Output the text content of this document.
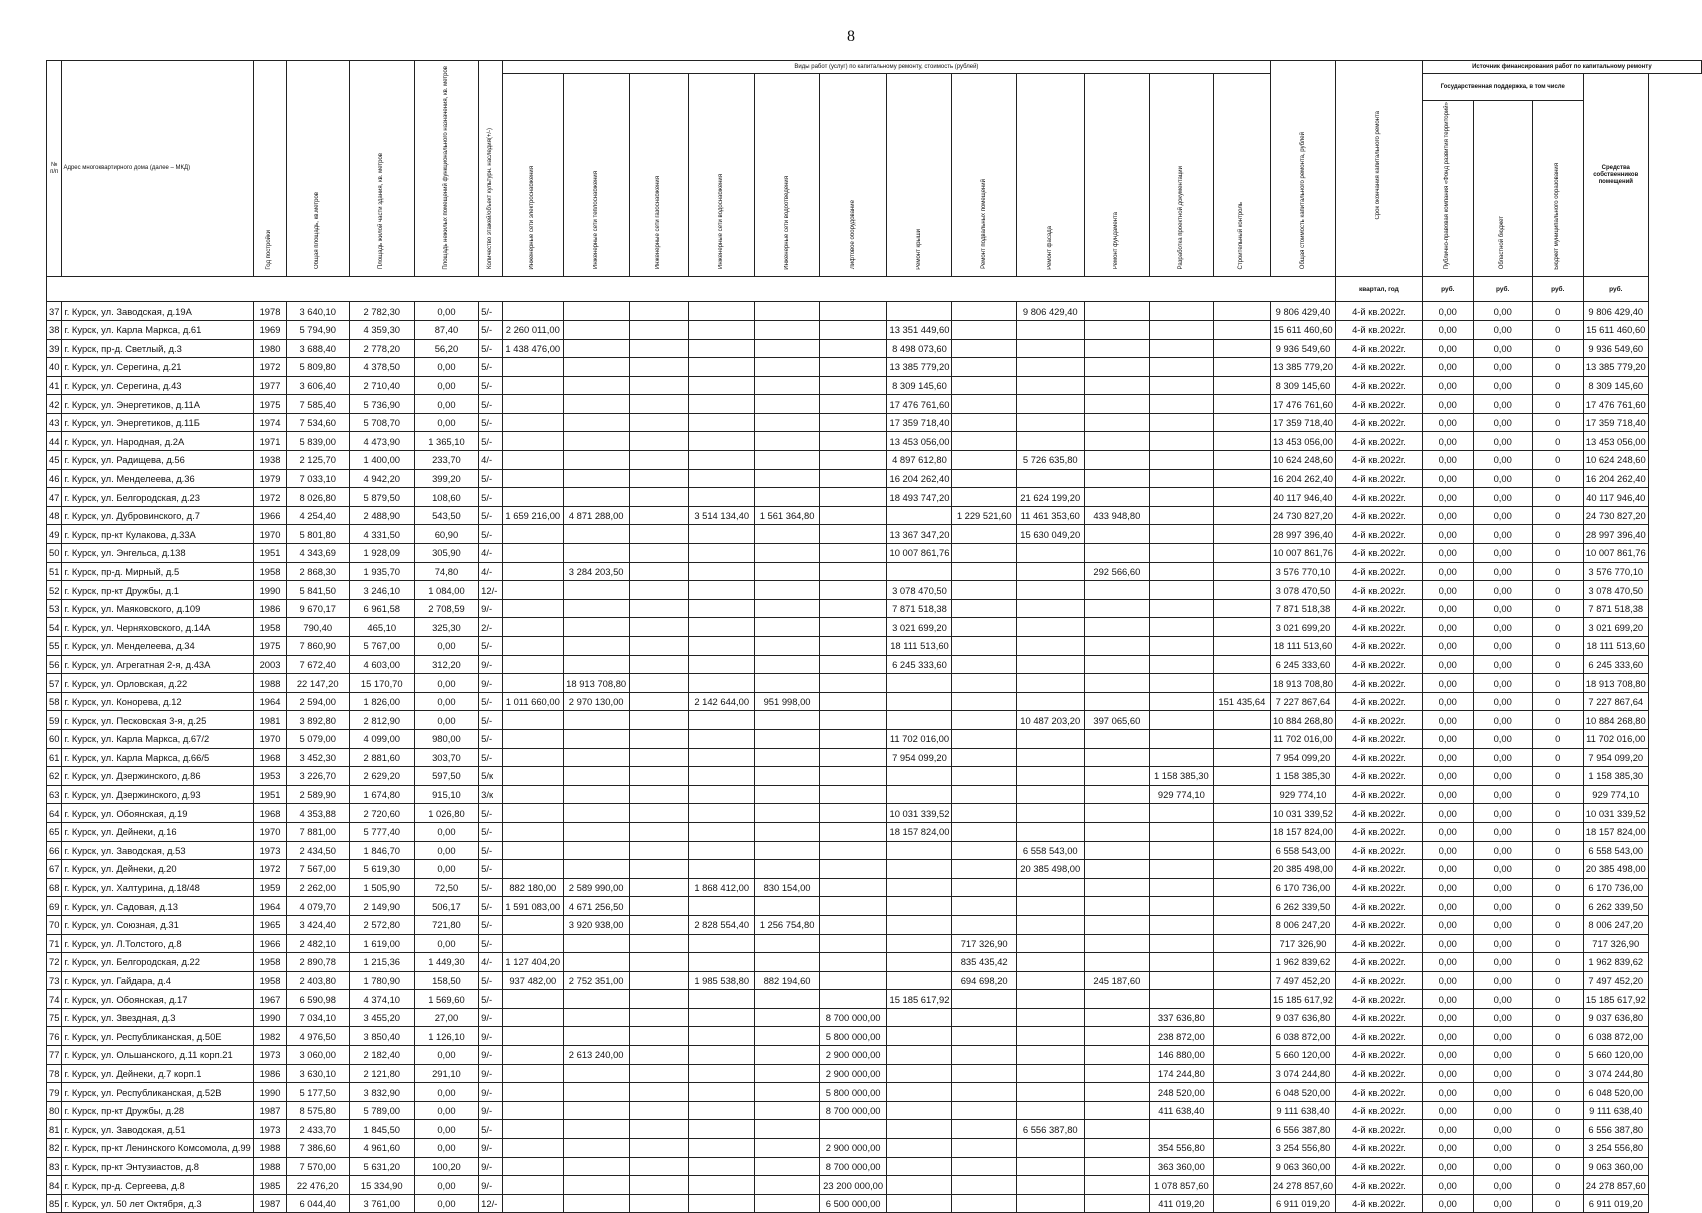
8
№ п/п	Адрес многоквартирного дома (далее – МКД)	Год постройки	Общая площадь, кв.метров	Площадь жилой части здания, кв. метров	Площадь нежилых помещений функционального назначения, кв. метров	Количество этажей/объект культурн. наследия(+/-)	Виды работ (услуг) по капитальному ремонту, стоимость (рублей)												Общая стоимость капитального ремонта, рублей	Срок окончания капитального ремонта	Источник финансирования работ по капитальному ремонту			
							Инженерные сети электроснабжения	Инженерные сети теплоснабжения	Инженерные сети газоснабжения	Инженерные сети водоснабжения	Инженерные сети водоотведения	Лифтовое оборудование	Ремонт крыши	Ремонт подвальных помещений	Ремонт фасада	Ремонт фундамента	Разработка проектной документации	Строительный контроль			Государственная поддержка, в том числе			Средства собственников помещений
																					Публично-правовая компания «Фонд развития территорий»	Областной бюджет	Бюджет муниципального образования	
																				квартал, год	руб.	руб.	руб.	руб.
37	г. Курск, ул. Заводская, д.19А	1978	3 640,10	2 782,30	0,00	5/-									9 806 429,40				9 806 429,40	4-й кв.2022г.	0,00	0,00	0	9 806 429,40
38	г. Курск, ул. Карла Маркса, д.61	1969	5 794,90	4 359,30	87,40	5/-	2 260 011,00						13 351 449,60						15 611 460,60	4-й кв.2022г.	0,00	0,00	0	15 611 460,60
39	г. Курск, пр-д. Светлый, д.3	1980	3 688,40	2 778,20	56,20	5/-	1 438 476,00						8 498 073,60						9 936 549,60	4-й кв.2022г.	0,00	0,00	0	9 936 549,60
40	г. Курск, ул. Серегина, д.21	1972	5 809,80	4 378,50	0,00	5/-							13 385 779,20						13 385 779,20	4-й кв.2022г.	0,00	0,00	0	13 385 779,20
41	г. Курск, ул. Серегина, д.43	1977	3 606,40	2 710,40	0,00	5/-							8 309 145,60						8 309 145,60	4-й кв.2022г.	0,00	0,00	0	8 309 145,60
42	г. Курск, ул. Энергетиков, д.11А	1975	7 585,40	5 736,90	0,00	5/-							17 476 761,60						17 476 761,60	4-й кв.2022г.	0,00	0,00	0	17 476 761,60
43	г. Курск, ул. Энергетиков, д.11Б	1974	7 534,60	5 708,70	0,00	5/-							17 359 718,40						17 359 718,40	4-й кв.2022г.	0,00	0,00	0	17 359 718,40
44	г. Курск, ул. Народная, д.2А	1971	5 839,00	4 473,90	1 365,10	5/-							13 453 056,00						13 453 056,00	4-й кв.2022г.	0,00	0,00	0	13 453 056,00
45	г. Курск, ул. Радищева, д.56	1938	2 125,70	1 400,00	233,70	4/-							4 897 612,80		5 726 635,80				10 624 248,60	4-й кв.2022г.	0,00	0,00	0	10 624 248,60
46	г. Курск, ул. Менделеева, д.36	1979	7 033,10	4 942,20	399,20	5/-							16 204 262,40						16 204 262,40	4-й кв.2022г.	0,00	0,00	0	16 204 262,40
47	г. Курск, ул. Белгородская, д.23	1972	8 026,80	5 879,50	108,60	5/-							18 493 747,20		21 624 199,20				40 117 946,40	4-й кв.2022г.	0,00	0,00	0	40 117 946,40
48	г. Курск, ул. Дубровинского, д.7	1966	4 254,40	2 488,90	543,50	5/-	1 659 216,00	4 871 288,00		3 514 134,40	1 561 364,80			1 229 521,60	11 461 353,60	433 948,80			24 730 827,20	4-й кв.2022г.	0,00	0,00	0	24 730 827,20
49	г. Курск, пр-кт Кулакова, д.33А	1970	5 801,80	4 331,50	60,90	5/-							13 367 347,20		15 630 049,20				28 997 396,40	4-й кв.2022г.	0,00	0,00	0	28 997 396,40
50	г. Курск, ул. Энгельса, д.138	1951	4 343,69	1 928,09	305,90	4/-							10 007 861,76						10 007 861,76	4-й кв.2022г.	0,00	0,00	0	10 007 861,76
51	г. Курск, пр-д. Мирный, д.5	1958	2 868,30	1 935,70	74,80	4/-		3 284 203,50								292 566,60			3 576 770,10	4-й кв.2022г.	0,00	0,00	0	3 576 770,10
52	г. Курск, пр-кт Дружбы, д.1	1990	5 841,50	3 246,10	1 084,00	12/-							3 078 470,50						3 078 470,50	4-й кв.2022г.	0,00	0,00	0	3 078 470,50
53	г. Курск, ул. Маяковского, д.109	1986	9 670,17	6 961,58	2 708,59	9/-							7 871 518,38						7 871 518,38	4-й кв.2022г.	0,00	0,00	0	7 871 518,38
54	г. Курск, ул. Черняховского, д.14А	1958	790,40	465,10	325,30	2/-							3 021 699,20						3 021 699,20	4-й кв.2022г.	0,00	0,00	0	3 021 699,20
55	г. Курск, ул. Менделеева, д.34	1975	7 860,90	5 767,00	0,00	5/-							18 111 513,60						18 111 513,60	4-й кв.2022г.	0,00	0,00	0	18 111 513,60
56	г. Курск, ул. Агрегатная 2-я, д.43А	2003	7 672,40	4 603,00	312,20	9/-							6 245 333,60						6 245 333,60	4-й кв.2022г.	0,00	0,00	0	6 245 333,60
57	г. Курск, ул. Орловская, д.22	1988	22 147,20	15 170,70	0,00	9/-		18 913 708,80											18 913 708,80	4-й кв.2022г.	0,00	0,00	0	18 913 708,80
58	г. Курск, ул. Конорева, д.12	1964	2 594,00	1 826,00	0,00	5/-	1 011 660,00	2 970 130,00		2 142 644,00	951 998,00							151 435,64	7 227 867,64	4-й кв.2022г.	0,00	0,00	0	7 227 867,64
59	г. Курск, ул. Песковская 3-я, д.25	1981	3 892,80	2 812,90	0,00	5/-									10 487 203,20	397 065,60			10 884 268,80	4-й кв.2022г.	0,00	0,00	0	10 884 268,80
60	г. Курск, ул. Карла Маркса, д.67/2	1970	5 079,00	4 099,00	980,00	5/-							11 702 016,00						11 702 016,00	4-й кв.2022г.	0,00	0,00	0	11 702 016,00
61	г. Курск, ул. Карла Маркса, д.66/5	1968	3 452,30	2 881,60	303,70	5/-							7 954 099,20						7 954 099,20	4-й кв.2022г.	0,00	0,00	0	7 954 099,20
62	г. Курск, ул. Дзержинского, д.86	1953	3 226,70	2 629,20	597,50	5/к											1 158 385,30		1 158 385,30	4-й кв.2022г.	0,00	0,00	0	1 158 385,30
63	г. Курск, ул. Дзержинского, д.93	1951	2 589,90	1 674,80	915,10	3/к											929 774,10		929 774,10	4-й кв.2022г.	0,00	0,00	0	929 774,10
64	г. Курск, ул. Обоянская, д.19	1968	4 353,88	2 720,60	1 026,80	5/-							10 031 339,52						10 031 339,52	4-й кв.2022г.	0,00	0,00	0	10 031 339,52
65	г. Курск, ул. Дейнеки, д.16	1970	7 881,00	5 777,40	0,00	5/-							18 157 824,00						18 157 824,00	4-й кв.2022г.	0,00	0,00	0	18 157 824,00
66	г. Курск, ул. Заводская, д.53	1973	2 434,50	1 846,70	0,00	5/-									6 558 543,00				6 558 543,00	4-й кв.2022г.	0,00	0,00	0	6 558 543,00
67	г. Курск, ул. Дейнеки, д.20	1972	7 567,00	5 619,30	0,00	5/-									20 385 498,00				20 385 498,00	4-й кв.2022г.	0,00	0,00	0	20 385 498,00
68	г. Курск, ул. Халтурина, д.18/48	1959	2 262,00	1 505,90	72,50	5/-	882 180,00	2 589 990,00		1 868 412,00	830 154,00								6 170 736,00	4-й кв.2022г.	0,00	0,00	0	6 170 736,00
69	г. Курск, ул. Садовая, д.13	1964	4 079,70	2 149,90	506,17	5/-	1 591 083,00	4 671 256,50											6 262 339,50	4-й кв.2022г.	0,00	0,00	0	6 262 339,50
70	г. Курск, ул. Союзная, д.31	1965	3 424,40	2 572,80	721,80	5/-		3 920 938,00		2 828 554,40	1 256 754,80								8 006 247,20	4-й кв.2022г.	0,00	0,00	0	8 006 247,20
71	г. Курск, ул. Л.Толстого, д.8	1966	2 482,10	1 619,00	0,00	5/-								717 326,90					717 326,90	4-й кв.2022г.	0,00	0,00	0	717 326,90
72	г. Курск, ул. Белгородская, д.22	1958	2 890,78	1 215,36	1 449,30	4/-	1 127 404,20							835 435,42					1 962 839,62	4-й кв.2022г.	0,00	0,00	0	1 962 839,62
73	г. Курск, ул. Гайдара, д.4	1958	2 403,80	1 780,90	158,50	5/-	937 482,00	2 752 351,00		1 985 538,80	882 194,60			694 698,20		245 187,60			7 497 452,20	4-й кв.2022г.	0,00	0,00	0	7 497 452,20
74	г. Курск, ул. Обоянская, д.17	1967	6 590,98	4 374,10	1 569,60	5/-							15 185 617,92						15 185 617,92	4-й кв.2022г.	0,00	0,00	0	15 185 617,92
75	г. Курск, ул. Звездная, д.3	1990	7 034,10	3 455,20	27,00	9/-						8 700 000,00					337 636,80		9 037 636,80	4-й кв.2022г.	0,00	0,00	0	9 037 636,80
76	г. Курск, ул. Республиканская, д.50Е	1982	4 976,50	3 850,40	1 126,10	9/-						5 800 000,00					238 872,00		6 038 872,00	4-й кв.2022г.	0,00	0,00	0	6 038 872,00
77	г. Курск, ул. Ольшанского, д.11 корп.21	1973	3 060,00	2 182,40	0,00	9/-		2 613 240,00				2 900 000,00					146 880,00		5 660 120,00	4-й кв.2022г.	0,00	0,00	0	5 660 120,00
78	г. Курск, ул. Дейнеки, д.7 корп.1	1986	3 630,10	2 121,80	291,10	9/-						2 900 000,00					174 244,80		3 074 244,80	4-й кв.2022г.	0,00	0,00	0	3 074 244,80
79	г. Курск, ул. Республиканская, д.52В	1990	5 177,50	3 832,90	0,00	9/-						5 800 000,00					248 520,00		6 048 520,00	4-й кв.2022г.	0,00	0,00	0	6 048 520,00
80	г. Курск, пр-кт Дружбы, д.28	1987	8 575,80	5 789,00	0,00	9/-						8 700 000,00					411 638,40		9 111 638,40	4-й кв.2022г.	0,00	0,00	0	9 111 638,40
81	г. Курск, ул. Заводская, д.51	1973	2 433,70	1 845,50	0,00	5/-									6 556 387,80				6 556 387,80	4-й кв.2022г.	0,00	0,00	0	6 556 387,80
82	г. Курск, пр-кт Ленинского Комсомола, д.99	1988	7 386,60	4 961,60	0,00	9/-						2 900 000,00					354 556,80		3 254 556,80	4-й кв.2022г.	0,00	0,00	0	3 254 556,80
83	г. Курск, пр-кт Энтузиастов, д.8	1988	7 570,00	5 631,20	100,20	9/-						8 700 000,00					363 360,00		9 063 360,00	4-й кв.2022г.	0,00	0,00	0	9 063 360,00
84	г. Курск, пр-д. Сергеева, д.8	1985	22 476,20	15 334,90	0,00	9/-						23 200 000,00					1 078 857,60		24 278 857,60	4-й кв.2022г.	0,00	0,00	0	24 278 857,60
85	г. Курск, ул. 50 лет Октября, д.3	1987	6 044,40	3 761,00	0,00	12/-						6 500 000,00					411 019,20		6 911 019,20	4-й кв.2022г.	0,00	0,00	0	6 911 019,20
